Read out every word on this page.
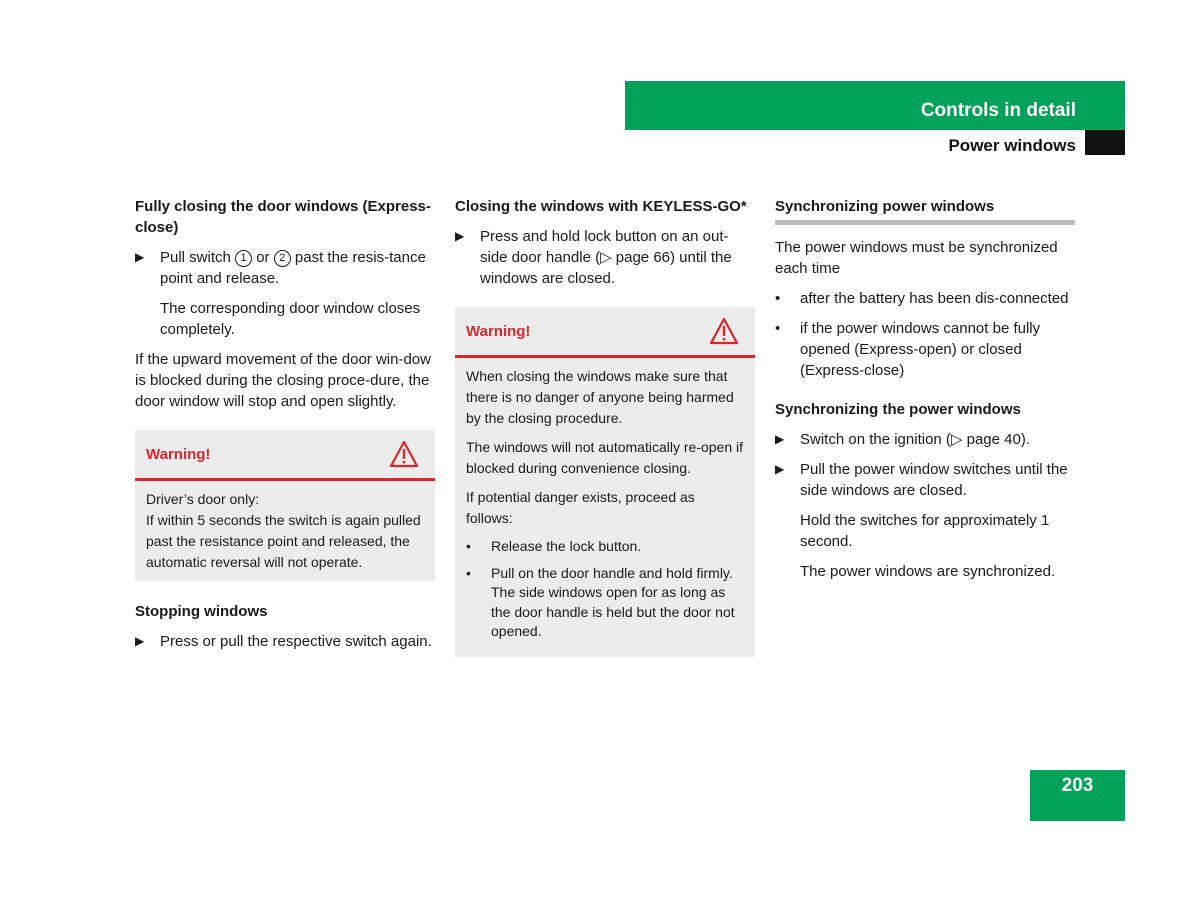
Controls in detail
Power windows
Fully closing the door windows (Express-close)
▶ Pull switch 1 or 2 past the resis-tance point and release.

The corresponding door window closes completely.

If the upward movement of the door win-dow is blocked during the closing proce-dure, the door window will stop and open slightly.

Warning!
Driver’s door only:
If within 5 seconds the switch is again pulled past the resistance point and released, the automatic reversal will not operate.
Stopping windows
▶ Press or pull the respective switch again.
Closing the windows with KEYLESS-GO*
▶ Press and hold lock button on an out-side door handle (▷ page 66) until the windows are closed.
Warning!

When closing the windows make sure that there is no danger of anyone being harmed by the closing procedure.

The windows will not automatically re-open if blocked during convenience closing.

If potential danger exists, proceed as follows:

• Release the lock button.
• Pull on the door handle and hold firmly. The side windows open for as long as the door handle is held but the door not opened.
Synchronizing power windows

The power windows must be synchronized each time

• after the battery has been dis-connected
• if the power windows cannot be fully opened (Express-open) or closed (Express-close)
Synchronizing the power windows
▶ Switch on the ignition (▷ page 40).
▶ Pull the power window switches until the side windows are closed.

Hold the switches for approximately 1 second.

The power windows are synchronized.

203
